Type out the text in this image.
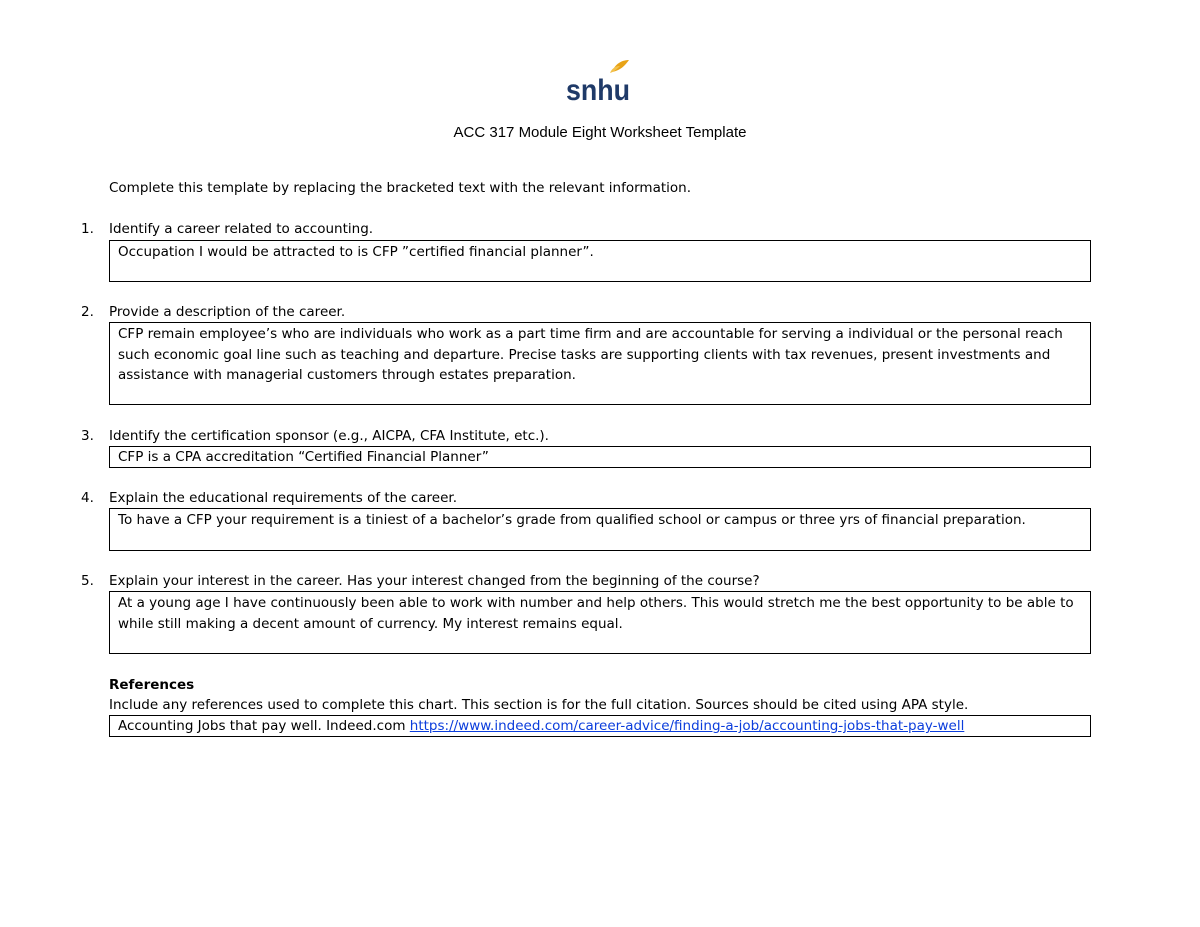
snhu
ACC 317 Module Eight Worksheet Template
Complete this template by replacing the bracketed text with the relevant information.
1. Identify a career related to accounting.
Occupation I would be attracted to is CFP ”certified financial planner”.
2. Provide a description of the career.
CFP remain employee’s who are individuals who work as a part time firm and are accountable for serving a individual or the personal reach such economic goal line such as teaching and departure. Precise tasks are supporting clients with tax revenues, present investments and assistance with managerial customers through estates preparation.
3. Identify the certification sponsor (e.g., AICPA, CFA Institute, etc.).
CFP is a CPA accreditation “Certified Financial Planner”
4. Explain the educational requirements of the career.
To have a CFP your requirement is a tiniest of a bachelor’s grade from qualified school or campus or three yrs of financial preparation.
5. Explain your interest in the career. Has your interest changed from the beginning of the course?
At a young age I have continuously been able to work with number and help others. This would stretch me the best opportunity to be able to while still making a decent amount of currency. My interest remains equal.
References
Include any references used to complete this chart. This section is for the full citation. Sources should be cited using APA style.
Accounting Jobs that pay well. Indeed.com https://www.indeed.com/career-advice/finding-a-job/accounting-jobs-that-pay-well
